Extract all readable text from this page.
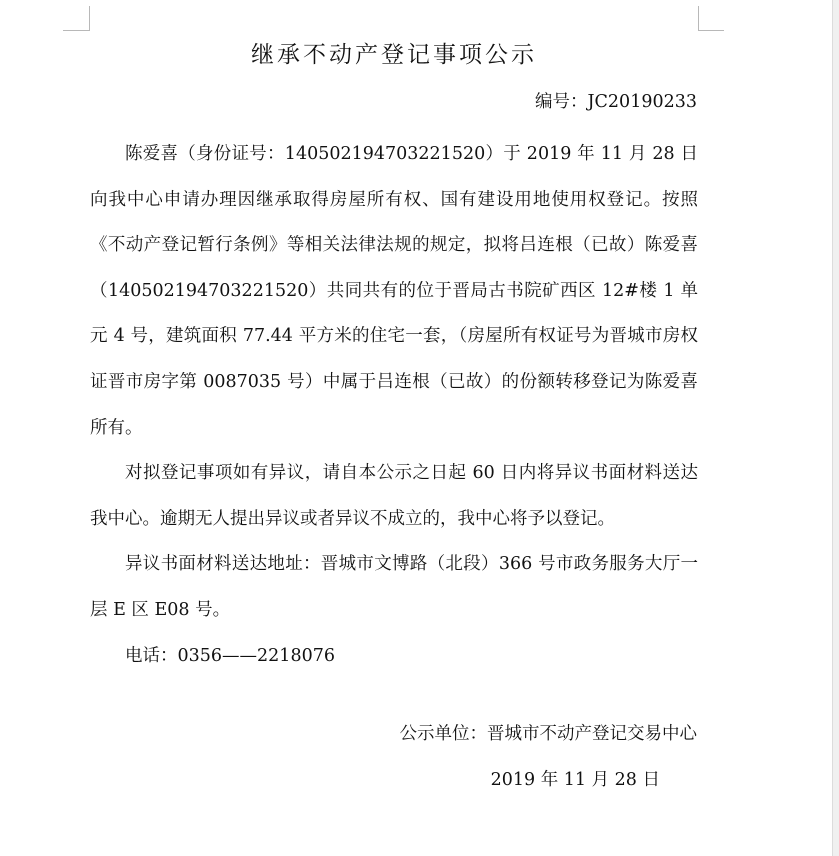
继承不动产登记事项公示
编号：JC20190233

陈爱喜（身份证号：140502194703221520）于 2019 年 11 月 28 日向我中心申请办理因继承取得房屋所有权、国有建设用地使用权登记。按照《不动产登记暂行条例》等相关法律法规的规定，拟将吕连根（已故）陈爱喜（140502194703221520）共同共有的位于晋局古书院矿西区 12#楼 1 单元 4 号，建筑面积 77.44 平方米的住宅一套，（房屋所有权证号为晋城市房权证晋市房字第 0087035 号）中属于吕连根（已故）的份额转移登记为陈爱喜所有。

对拟登记事项如有异议，请自本公示之日起 60 日内将异议书面材料送达我中心。逾期无人提出异议或者异议不成立的，我中心将予以登记。

异议书面材料送达地址：晋城市文博路（北段）366 号市政务服务大厅一层 E 区 E08 号。

电话：0356——2218076

公示单位：晋城市不动产登记交易中心
2019 年 11 月 28 日
